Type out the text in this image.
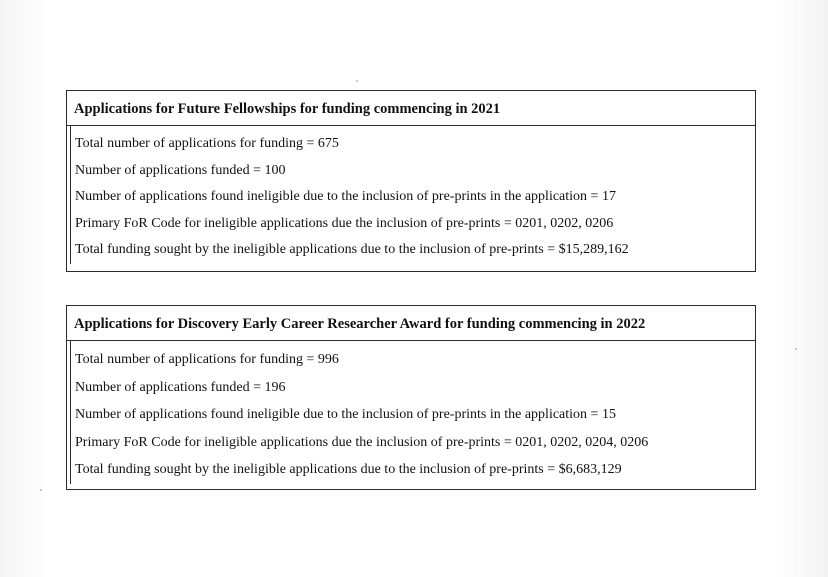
Applications for Future Fellowships for funding commencing in 2021
Total number of applications for funding = 675
Number of applications funded = 100
Number of applications found ineligible due to the inclusion of pre-prints in the application = 17
Primary FoR Code for ineligible applications due the inclusion of pre-prints = 0201, 0202, 0206
Total funding sought by the ineligible applications due to the inclusion of pre-prints = $15,289,162
Applications for Discovery Early Career Researcher Award for funding commencing in 2022
Total number of applications for funding = 996
Number of applications funded = 196
Number of applications found ineligible due to the inclusion of pre-prints in the application = 15
Primary FoR Code for ineligible applications due the inclusion of pre-prints = 0201, 0202, 0204, 0206
Total funding sought by the ineligible applications due to the inclusion of pre-prints = $6,683,129
